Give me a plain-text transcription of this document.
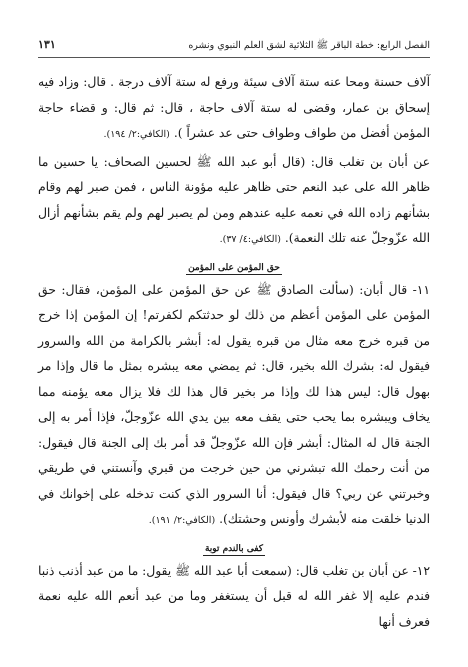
الفصل الرابع: خطة الباقر ﷺ الثلاثية لشق العلم النبوي ونشره
١٣١

آلاف حسنة ومحا عنه ستة آلاف سيئة ورفع له ستة آلاف درجة . قال: وزاد فيه إسحاق بن عمار، وقضى له ستة آلاف حاجة ، قال: ثم قال: و قضاء حاجة المؤمن أفضل من طواف وطواف حتى عد عشراً ). (الكافي:٢/ ١٩٤).

عن أبان بن تغلب قال: (قال أبو عبد الله ﷺ لحسين الصحاف: يا حسين ما ظاهر الله على عبد النعم حتى ظاهر عليه مؤونة الناس ، فمن صبر لهم وقام بشأنهم زاده الله في نعمه عليه عندهم ومن لم يصبر لهم ولم يقم بشأنهم أزال الله عزّوجلّ عنه تلك النعمة). (الكافي:٤/ ٣٧).

حق المؤمن على المؤمن

١١- قال أبان: (سألت الصادق ﷺ عن حق المؤمن على المؤمن، فقال: حق المؤمن على المؤمن أعظم من ذلك لو حدثتكم لكفرتم! إن المؤمن إذا خرج من قبره خرج معه مثال من قبره يقول له: أبشر بالكرامة من الله والسرور فيقول له: بشرك الله بخير، قال: ثم يمضي معه يبشره بمثل ما قال وإذا مر بهول قال: ليس هذا لك وإذا مر بخير قال هذا لك فلا يزال معه يؤمنه مما يخاف ويبشره بما يحب حتى يقف معه بين يدي الله عزّوجلّ، فإذا أمر به إلى الجنة قال له المثال: أبشر فإن الله عزّوجلّ قد أمر بك إلى الجنة قال فيقول: من أنت رحمك الله تبشرني من حين خرجت من قبري وآنستني في طريقي وخبرتني عن ربي؟ قال فيقول: أنا السرور الذي كنت تدخله على إخوانك في الدنيا خلقت منه لأبشرك وأونس وحشتك). (الكافي:٢/ ١٩١).

كفى بالندم توبة

١٢- عن أبان بن تغلب قال: (سمعت أبا عبد الله ﷺ يقول: ما من عبد أذنب ذنبا فندم عليه إلا غفر الله له قبل أن يستغفر وما من عبد أنعم الله عليه نعمة فعرف أنها
